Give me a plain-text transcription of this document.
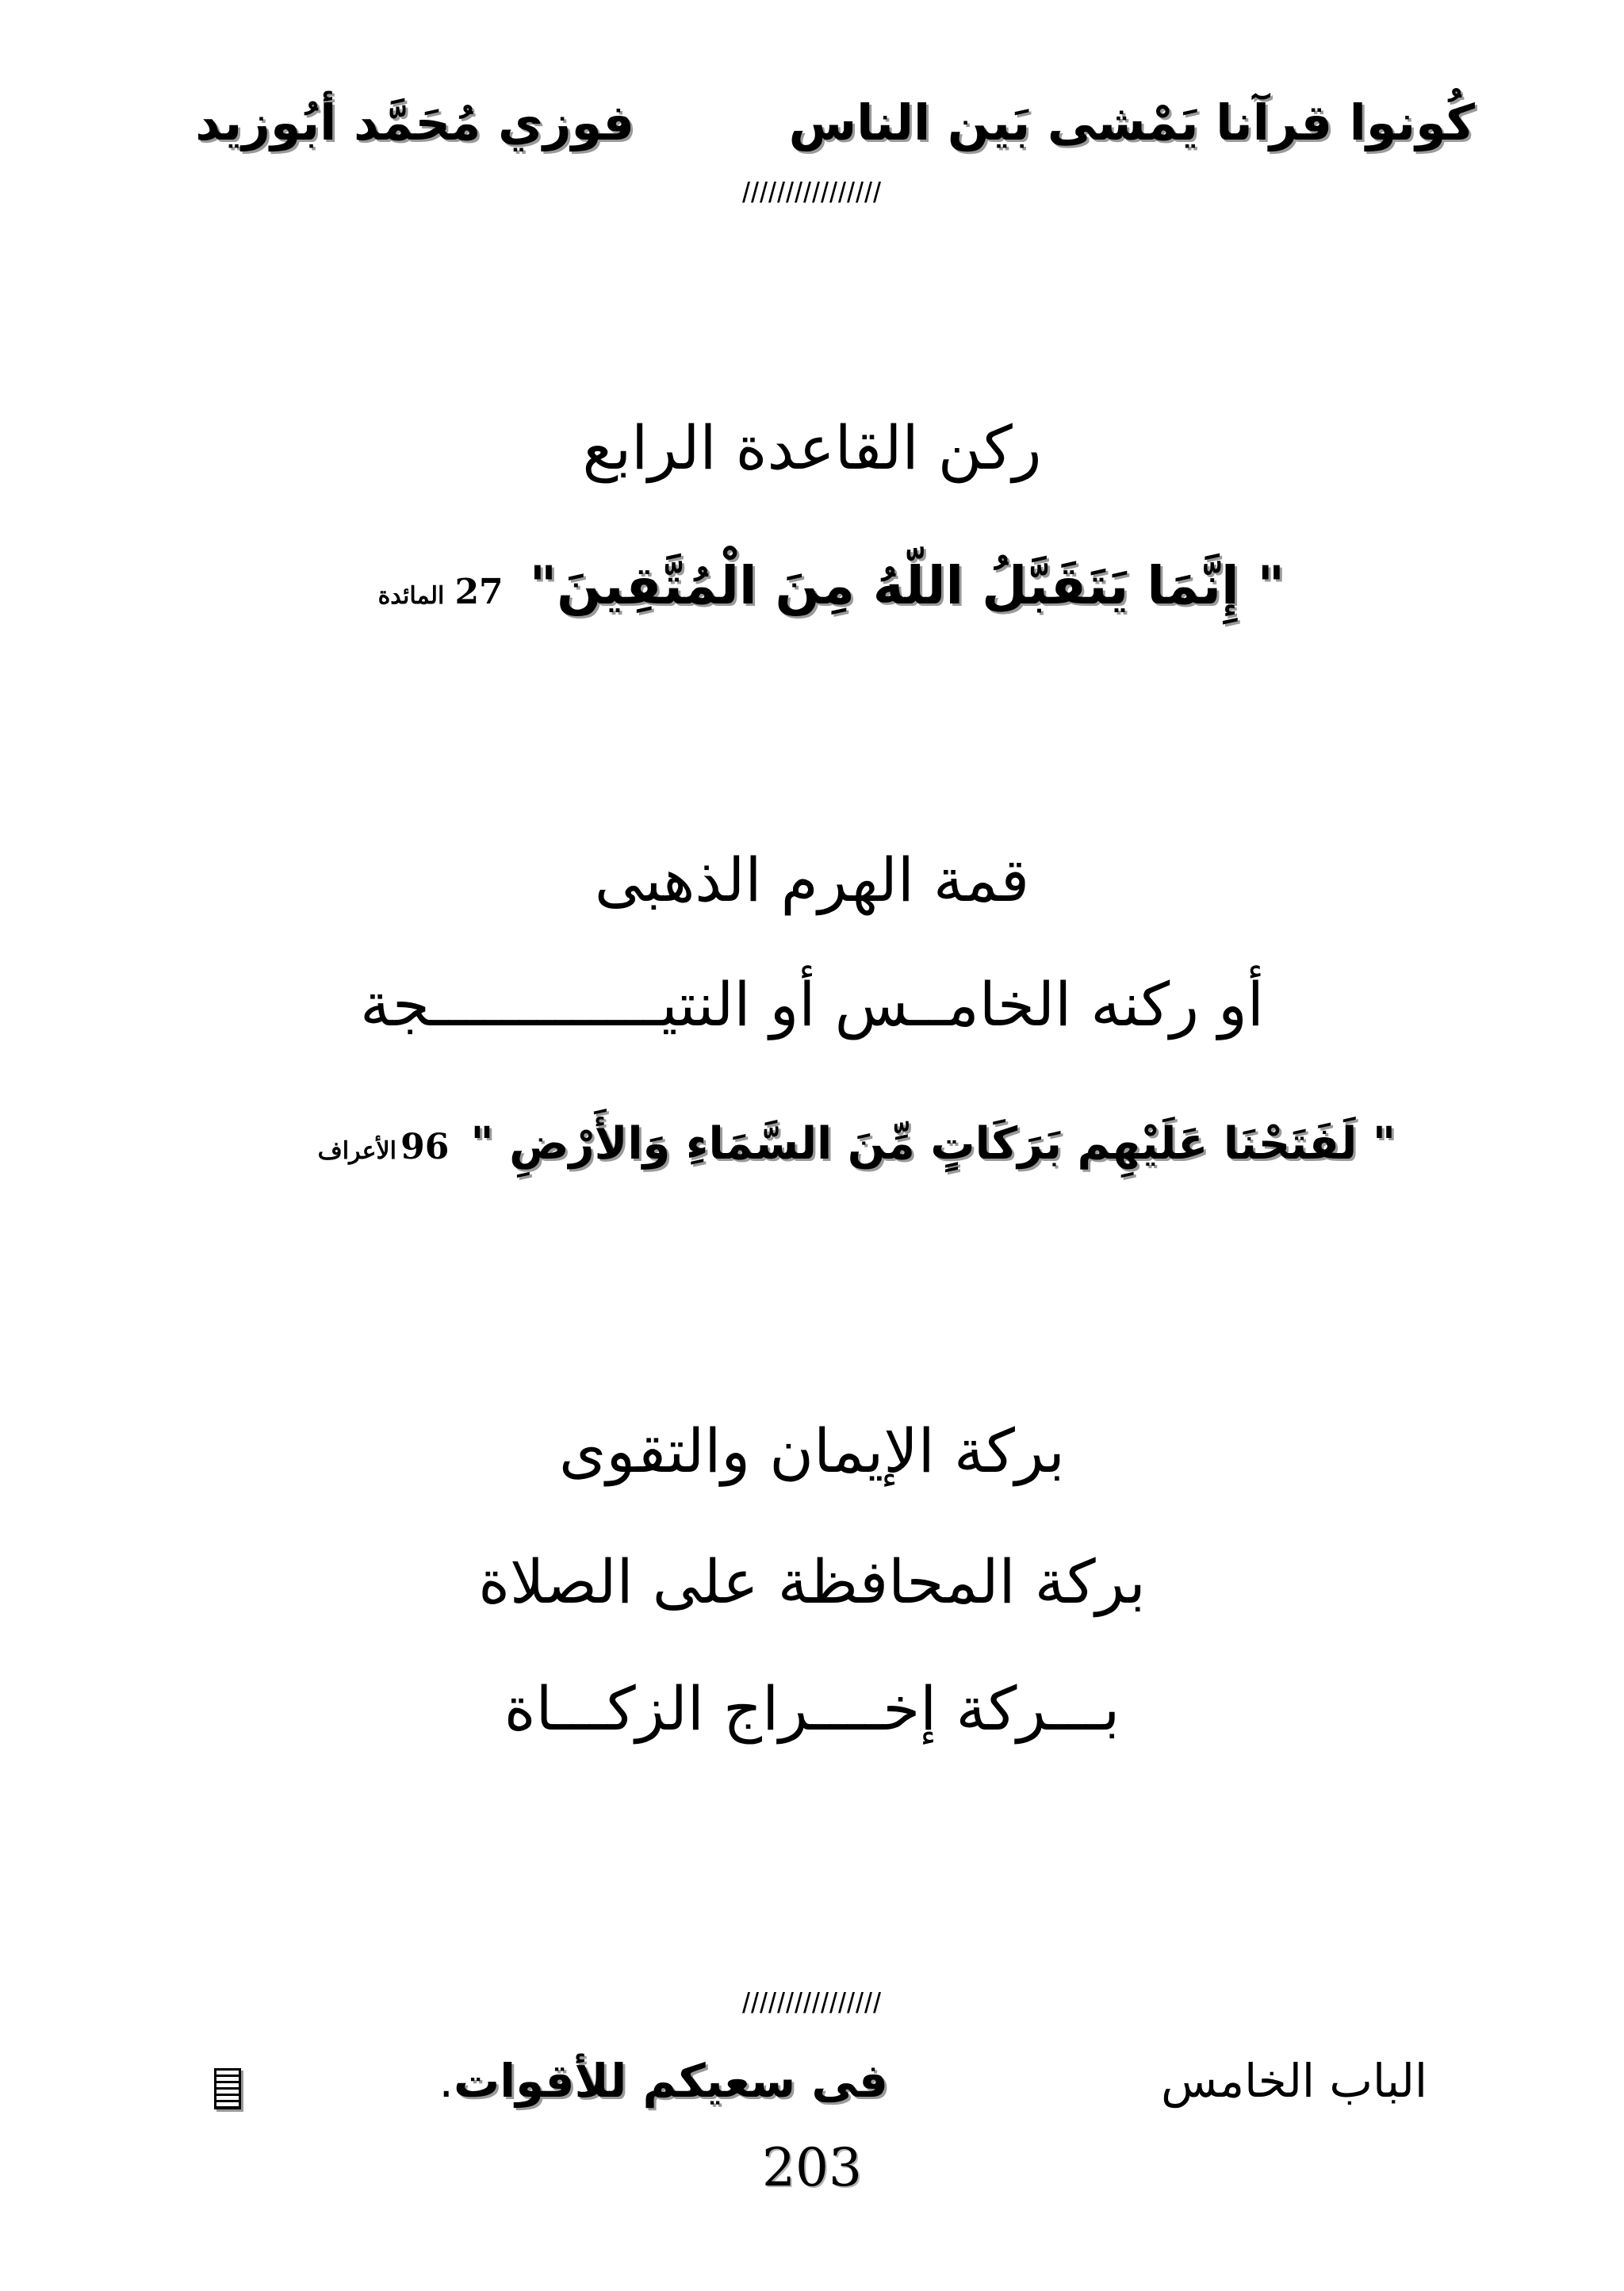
كُونوا قرآنا يَمْشى بَين الناس
فوزي مُحَمَّد أبُوزيد
////////////////
ركن القاعدة الرابع
" إِنَّمَا يَتَقَبَّلُ اللّهُ مِنَ الْمُتَّقِينَ" 27 المائدة
قمة الهرم الذهبى
أو ركنه الخامــس أو النتيـــــــــــــجة
" لَفَتَحْنَا عَلَيْهِم بَرَكَاتٍ مِّنَ السَّمَاءِ وَالأَرْضِ " 96 الأعراف
بركة الإيمان والتقوى
بركة المحافظة على الصلاة
بـــركة إخــــراج الزكـــاة
////////////////
الباب الخامس
فى سعيكم للأقوات.
203
